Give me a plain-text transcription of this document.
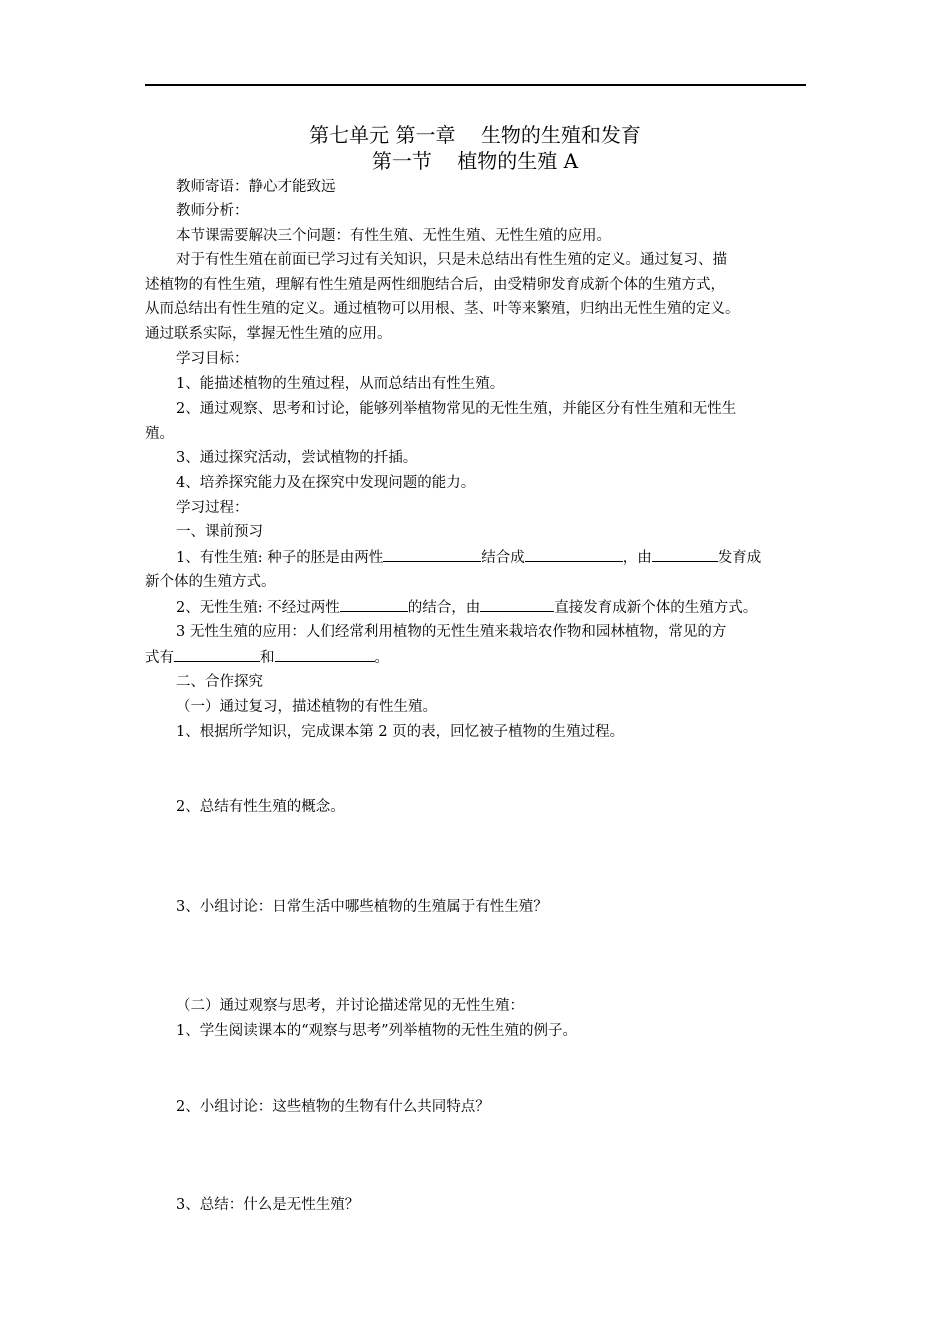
第七单元 第一章    生物的生殖和发育
第一节    植物的生殖 A
教师寄语：静心才能致远
教师分析：
本节课需要解决三个问题：有性生殖、无性生殖、无性生殖的应用。
对于有性生殖在前面已学习过有关知识，只是未总结出有性生殖的定义。通过复习、描
述植物的有性生殖，理解有性生殖是两性细胞结合后，由受精卵发育成新个体的生殖方式，
从而总结出有性生殖的定义。通过植物可以用根、茎、叶等来繁殖，归纳出无性生殖的定义。
通过联系实际，掌握无性生殖的应用。
学习目标：
1、能描述植物的生殖过程，从而总结出有性生殖。
2、通过观察、思考和讨论，能够列举植物常见的无性生殖，并能区分有性生殖和无性生
殖。
3、通过探究活动，尝试植物的扦插。
4、培养探究能力及在探究中发现问题的能力。
学习过程：
一、课前预习
1、有性生殖: 种子的胚是由两性	结合成	，由	发育成
新个体的生殖方式。
2、无性生殖: 不经过两性	的结合，由	直接发育成新个体的生殖方式。
3 无性生殖的应用：人们经常利用植物的无性生殖来栽培农作物和园林植物，常见的方
式有	和	。
二、合作探究
（一）通过复习，描述植物的有性生殖。
1、根据所学知识，完成课本第 2 页的表，回忆被子植物的生殖过程。
2、总结有性生殖的概念。
3、小组讨论：日常生活中哪些植物的生殖属于有性生殖？
（二）通过观察与思考，并讨论描述常见的无性生殖：
1、学生阅读课本的“观察与思考”列举植物的无性生殖的例子。
2、小组讨论：这些植物的生物有什么共同特点？
3、总结：什么是无性生殖？
